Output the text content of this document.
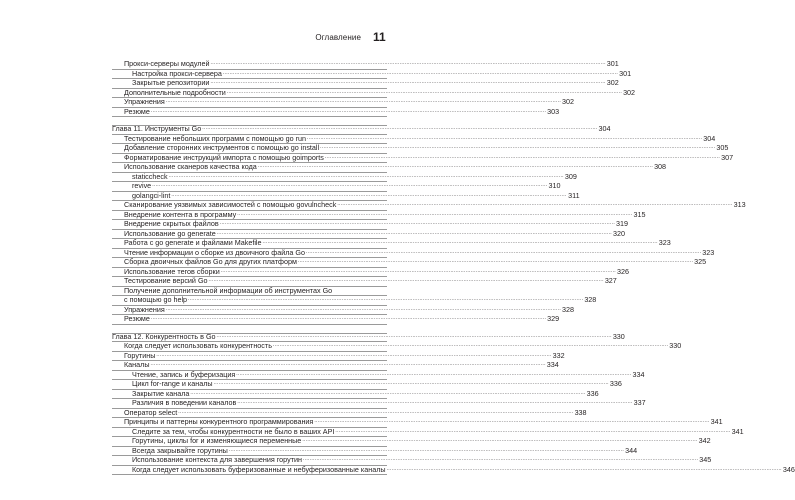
Оглавление 11
Прокси-серверы модулей .....	301
Настройка прокси-сервера .....	301
Закрытые репозитории .....	302
Дополнительные подробности .....	302
Упражнения .....	302
Резюме .....	303
Глава 11. Инструменты Go .....	304
Тестирование небольших программ с помощью go run .....	304
Добавление сторонних инструментов с помощью go install .....	305
Форматирование инструкций импорта с помощью goimports .....	307
Использование сканеров качества кода .....	308
staticcheck .....	309
revive .....	310
golangci-lint .....	311
Сканирование уязвимых зависимостей с помощью govulncheck .....	313
Внедрение контента в программу .....	315
Внедрение скрытых файлов .....	319
Использование go generate .....	320
Работа с go generate и файлами Makefile .....	323
Чтение информации о сборке из двоичного файла Go .....	323
Сборка двоичных файлов Go для других платформ .....	325
Использование тегов сборки .....	326
Тестирование версий Go .....	327
Получение дополнительной информации об инструментах Go
с помощью go help .....	328
Упражнения .....	328
Резюме .....	329
Глава 12. Конкурентность в Go .....	330
Когда следует использовать конкурентность .....	330
Горутины .....	332
Каналы .....	334
Чтение, запись и буферизация .....	334
Цикл for-range и каналы .....	336
Закрытие канала .....	336
Различия в поведении каналов .....	337
Оператор select .....	338
Принципы и паттерны конкурентного программирования .....	341
Следите за тем, чтобы конкурентности не было в ваших API .....	341
Горутины, циклы for и изменяющиеся переменные .....	342
Всегда закрывайте горутины .....	344
Использование контекста для завершения горутин .....	345
Когда следует использовать буферизованные и небуферизованные каналы .....	346
